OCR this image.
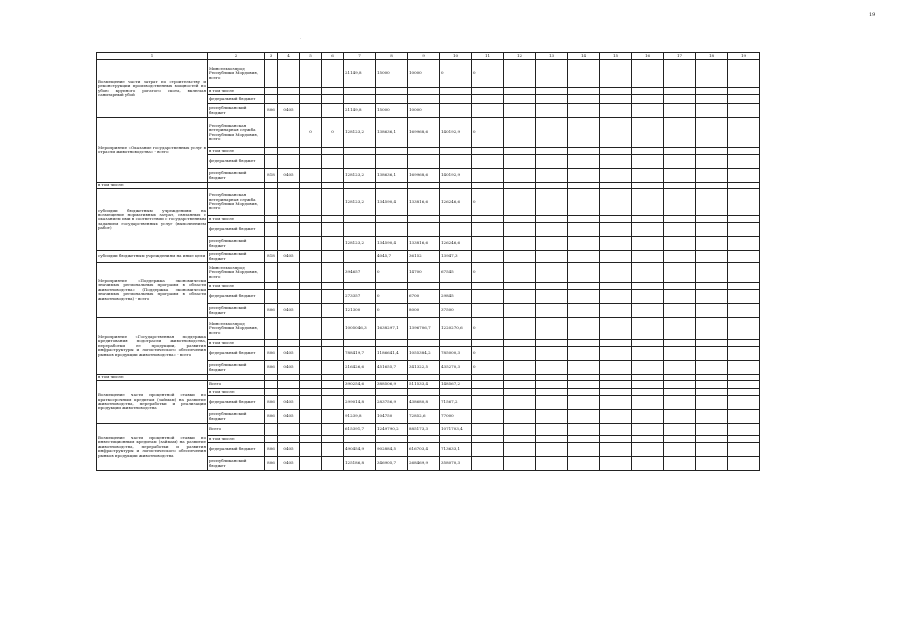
19
.
1	2	3	4	5	6	7	8	9	10	11	12	13	14	15	16	17	18	19
Возмещение части затрат по строительству и реконструкции производственных мощностей по убою крупного рогатого скота, включая санитарный убой	Минсельхозпрод Республики Мордовия, всего					21149,8	15000	10000	0	0								
	в том числе																	
	федеральный бюджет																	
	республиканский бюджет	806	0405			21149,8	15000	10000										
Мероприятие «Оказание государственных услуг в отрасли животноводства» - всего	Республиканская ветеринарная служба Республики Мордовия, всего			0	0	128123,2	138636,1	169968,6	140192,9	0								
	в том числе																	
	федеральный бюджет																	
	республиканский бюджет	818	0405			128123,2	138636,1	169968,6	140192,9									
в том числе:																		
субсидии бюджетным учреждениям на возмещение нормативных затрат, связанных с оказанием ими в соответствии с государственным заданием государственных услуг (выполнением работ)	Республиканская ветеринарная служба Республики Мордовия, всего					128123,2	134590,4	133816,6	126246,6	0								
	в том числе																	
	федеральный бюджет																	
	республиканский бюджет					128123,2	134590,4	133816,6	126246,6									
субсидии бюджетным учреждениям на иные цели	республиканский бюджет	818	0405				4045,7	36152	13947,3									
Мероприятие «Поддержка экономически значимых региональных программ в области животноводства» (Поддержка экономически значимых региональных программ в области животноводства) - всего	Минсельхозпрод Республики Мордовия, всего					394657	0	14700	67545	0								
	в том числе																	
	федеральный бюджет					273357	0	6700	29845									
	республиканский бюджет	806	0405			121300	0	8000	37500									
Мероприятие «Государственная поддержка кредитования подотрасли животноводства, переработки ее продукции, развития инфраструктуры и логистического обеспечения рынков продукции животноводства» - всего	Минсельхозпрод Республики Мордовия, всего					1005046,3	1638297,1	1396706,7	1220270,6	0								
	в том числе																	
	федеральный бюджет	806	0405			788419,7	1186641,4	1055384,2	785000,3	0								
	республиканский бюджет	806	0405			216426,6	451655,7	341322,5	435270,3	0								
в том числе:																		
Возмещение части процентной ставки по краткосрочным кредитам (займам) на развитие животноводства, переработки и реализации продукции животноводства	Всего					390254,6	388506,9	511533,4	148567,2									
	в том числе:																	
	федеральный бюджет	806	0405			299014,8	283756,9	438680,8	71567,2									
	республиканский бюджет	806	0405			91239,8	104750	72852,6	77000									
Возмещение части процентной ставки по инвестиционным кредитам (займам) на развитие животноводства, переработки и развития инфраструктуры и логистического обеспечения рынков продукции животноводства	Всего					615391,7	1249790,2	885173,3	1071703,4									
	в том числе:																	
	федеральный бюджет	806	0405			490454,9	902884,5	616703,4	713633,1									
	республиканский бюджет	806	0405			125186,8	346905,7	268469,9	358070,3									
